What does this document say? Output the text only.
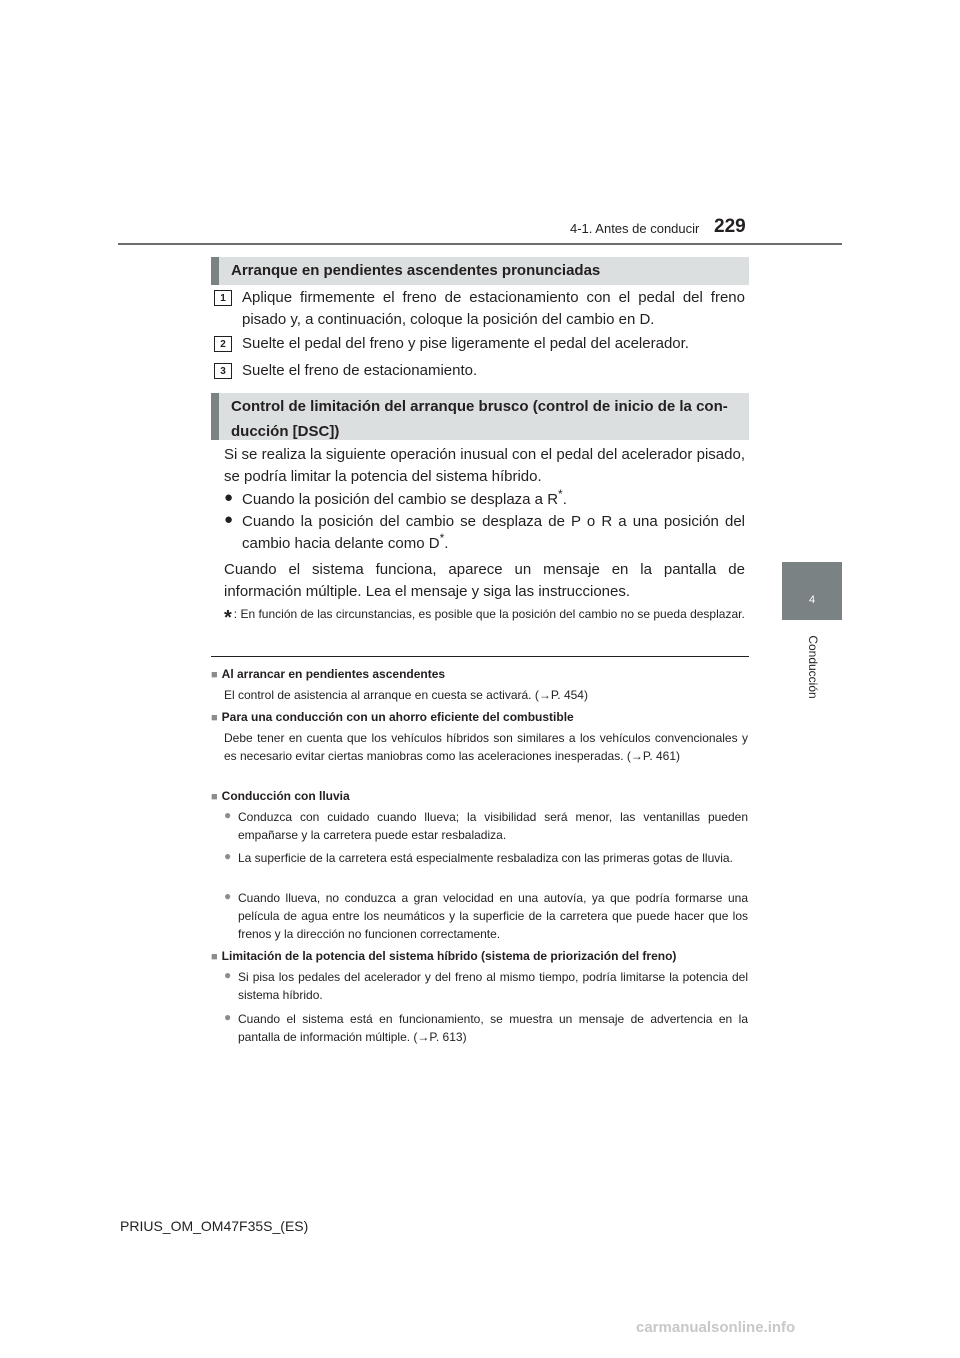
4-1. Antes de conducir 229
4
Conducción
Arranque en pendientes ascendentes pronunciadas
1	Aplique firmemente el freno de estacionamiento con el pedal del freno pisado y, a continuación, coloque la posición del cambio en D.
2	Suelte el pedal del freno y pise ligeramente el pedal del acelerador.
3	Suelte el freno de estacionamiento.
Control de limitación del arranque brusco (control de inicio de la con-
ducción [DSC])
Si se realiza la siguiente operación inusual con el pedal del acelerador pisado, se podría limitar la potencia del sistema híbrido.
● Cuando la posición del cambio se desplaza a R*.
● Cuando la posición del cambio se desplaza de P o R a una posición del cambio hacia delante como D*.
Cuando el sistema funciona, aparece un mensaje en la pantalla de información múltiple. Lea el mensaje y siga las instrucciones.
* : En función de las circunstancias, es posible que la posición del cambio no se pueda desplazar.
■ Al arrancar en pendientes ascendentes
El control de asistencia al arranque en cuesta se activará. (→P. 454)
■ Para una conducción con un ahorro eficiente del combustible
Debe tener en cuenta que los vehículos híbridos son similares a los vehículos convencionales y es necesario evitar ciertas maniobras como las aceleraciones inesperadas. (→P. 461)
■ Conducción con lluvia
● Conduzca con cuidado cuando llueva; la visibilidad será menor, las ventanillas pueden empañarse y la carretera puede estar resbaladiza.
● La superficie de la carretera está especialmente resbaladiza con las primeras gotas de lluvia.
● Cuando llueva, no conduzca a gran velocidad en una autovía, ya que podría formarse una película de agua entre los neumáticos y la superficie de la carretera que puede hacer que los frenos y la dirección no funcionen correctamente.
■ Limitación de la potencia del sistema híbrido (sistema de priorización del freno)
● Si pisa los pedales del acelerador y del freno al mismo tiempo, podría limitarse la potencia del sistema híbrido.
● Cuando el sistema está en funcionamiento, se muestra un mensaje de advertencia en la pantalla de información múltiple. (→P. 613)
PRIUS_OM_OM47F35S_(ES)
carmanualsonline.info
